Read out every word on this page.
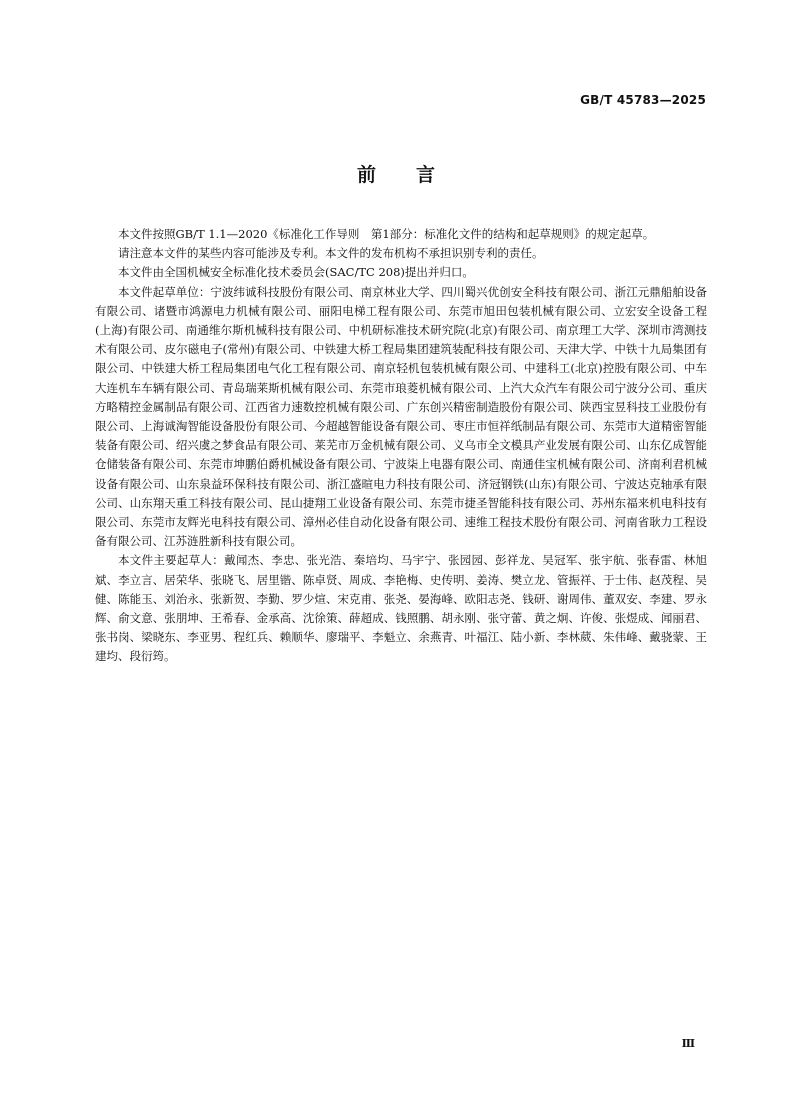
GB/T 45783—2025
前言

本文件按照GB/T 1.1—2020《标准化工作导则　第1部分：标准化文件的结构和起草规则》的规定起草。

请注意本文件的某些内容可能涉及专利。本文件的发布机构不承担识别专利的责任。

本文件由全国机械安全标准化技术委员会(SAC/TC 208)提出并归口。

本文件起草单位：宁波纬诚科技股份有限公司、南京林业大学、四川蜀兴优创安全科技有限公司、浙江元鼎船舶设备有限公司、诸暨市鸿源电力机械有限公司、丽阳电梯工程有限公司、东莞市旭田包装机械有限公司、立宏安全设备工程(上海)有限公司、南通维尔斯机械科技有限公司、中机研标准技术研究院(北京)有限公司、南京理工大学、深圳市湾测技术有限公司、皮尔磁电子(常州)有限公司、中铁建大桥工程局集团建筑装配科技有限公司、天津大学、中铁十九局集团有限公司、中铁建大桥工程局集团电气化工程有限公司、南京轻机包装机械有限公司、中建科工(北京)控股有限公司、中车大连机车车辆有限公司、青岛瑞莱斯机械有限公司、东莞市琅菱机械有限公司、上汽大众汽车有限公司宁波分公司、重庆方略精控金属制品有限公司、江西省力速数控机械有限公司、广东创兴精密制造股份有限公司、陕西宝昱科技工业股份有限公司、上海诚淘智能设备股份有限公司、今超越智能设备有限公司、枣庄市恒祥纸制品有限公司、东莞市大道精密智能装备有限公司、绍兴虞之梦食品有限公司、莱芜市万金机械有限公司、义乌市全文模具产业发展有限公司、山东亿成智能仓储装备有限公司、东莞市坤鹏伯爵机械设备有限公司、宁波柒上电器有限公司、南通佳宝机械有限公司、济南利君机械设备有限公司、山东泉益环保科技有限公司、浙江盛暄电力科技有限公司、济冠钢铁(山东)有限公司、宁波达克轴承有限公司、山东翔天重工科技有限公司、昆山捷翔工业设备有限公司、东莞市捷圣智能科技有限公司、苏州东福来机电科技有限公司、东莞市友辉光电科技有限公司、漳州必佳自动化设备有限公司、速维工程技术股份有限公司、河南省耿力工程设备有限公司、江苏涟胜新科技有限公司。

本文件主要起草人：戴闻杰、李忠、张光浩、秦培均、马宇宁、张园园、彭祥龙、吴冠军、张宇航、张春雷、林旭斌、李立言、居荣华、张晓飞、居里锴、陈卓贤、周成、李艳梅、史传明、姜涛、樊立龙、管振祥、于士伟、赵茂程、吴健、陈能玉、刘治永、张新贺、李勤、罗少煊、宋克甫、张尧、晏海峰、欧阳志尧、钱研、谢周伟、董双安、李建、罗永辉、俞文意、张朋坤、王希春、金承高、沈徐策、薛超成、钱照鹏、胡永刚、张守蕾、黄之炯、许俊、张煜成、闻丽君、张书岗、梁晓东、李亚男、程红兵、赖顺华、廖瑞平、李魁立、余燕青、叶福江、陆小新、李林葳、朱伟峰、戴骁蒙、王建均、段衍筠。

Ⅲ
